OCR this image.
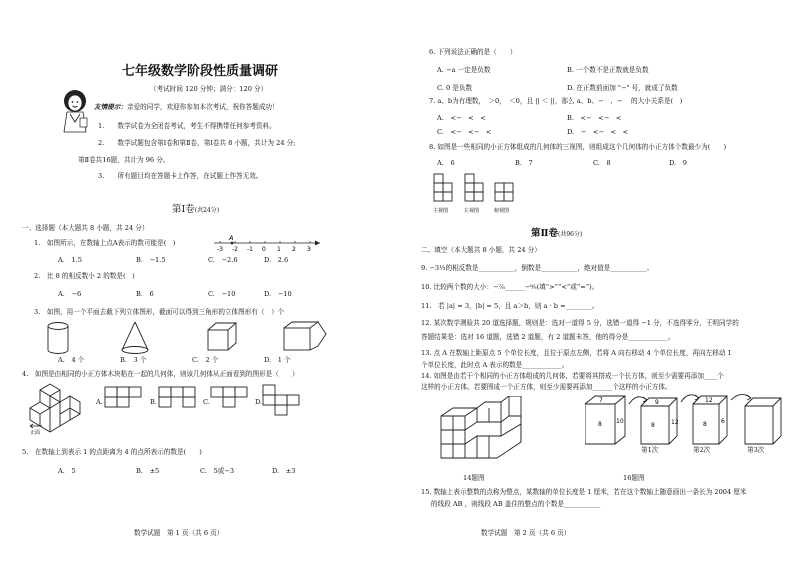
七年级数学阶段性质量调研
（考试时间 120 分钟；满分：120 分）
友情提示：亲爱的同学，欢迎你参加本次考试，祝你答题成功！
1.　　数学试卷为全闭卷考试，考生不得携带任何参考资料。
2.　　数学试题包含第Ⅰ卷和第Ⅱ卷，第Ⅰ卷共 8 小题，共计为 24 分;
第Ⅱ卷共16题，共计为 96 分。
3.　　所有题目均在答题卡上作答，在试题上作答无效。
第Ⅰ卷(共24分)
一、选择题（本大题共 8 小题，共 24 分）
1.　如图所示，在数轴上点A表示的数可能是(　)
-3 -2 -1 0 1 2 3
A
A.　1.5	B.　−1.5	C.　−2.6	D.　2.6
2.　比 8 的相反数小 2 的数是(　)
A.　−6	B.　6	C.　−10	D.　−10
3.　如图，用一个平面去截下列立体图形，截面可以得到三角形的立体图形有（　）个
A.　4 个	B.　3 个	C.　2 个	D.　1 个
4.　如图是由相同的小正方体木块粘在一起的几何体，则该几何体从正面看到的图形是（　　）
正面
A.	B.	C.	D.
5.　在数轴上到表示 1 的点距离为 4 的点所表示的数是(　　)
A.　5	B.　±5	C.　5或−3	D.　±3
数学试题　第 1 页（共 6 页）
6. 下列说法正确的是（　　）
A. −a 一定是负数	B. 一个数不是正数就是负数
C. 0 是负数	D. 在正数前面加 "−" 号，就成了负数
7. a、b为有理数，　＞0，　＜0，且 || ＜ ||，那么 a、b、−　、−　 的大小关系是(　)
A.　<−　<　<	B.　<−　<−　<
C.　<−　<−　<	D.　−　<−　<　<
8. 如图是一些相同的小正方体组成的几何体的三视图，则组成这个几何体的小正方体个数最少为(　　)
A.　6	B.　7	C.　8	D.　9
主视图	左视图	俯视图
第Ⅱ卷(共96分)
二、填空（本大题共 8 小题，共 24 分）
9. −3⅓的相反数是___________，倒数是___________，绝对值是___________。
10. 比较两个数的大小：−⁷⁄₈______−⁸⁄₉(填“>”“<”或“=”)。
11.　若 |a| = 3，|b| = 5，且 a＞b，则 a · b =________。
12. 某次数学测验共 20 道选择题，规则是：选对一道得 5 分，选错一道得 −1 分，不选得零分，王明同学的
答题结果是：选对 16 道题，选错 2 道题，有 2 道题未答，他的得分是____________。
13. 点 A 在数轴上距原点 5 个单位长度，且位于原点左侧，若将 A 向右移动 4 个单位长度，再向左移动 1
个单位长度，此时点 A 表示的数是____________。
14. 如图是由若干个相同的小正方体组成的几何体，若要将其搭成一个长方体，则至少需要再添加____个
这样的小正方体。若要围成一个正方体，则至少需要再添加______个这样的小正方体。
14题图
7
8 10
9
8	12
12
8 6
第1次	第2次	第3次
16题图
15. 数轴上表示整数的点称为整点，某数轴的单位长度是 1 厘米，若在这个数轴上随意画出一条长为 2004 厘米
的线段 AB ，则线段 AB 盖住的整点的个数是___________
数学试题　第 2 页（共 6 页）
